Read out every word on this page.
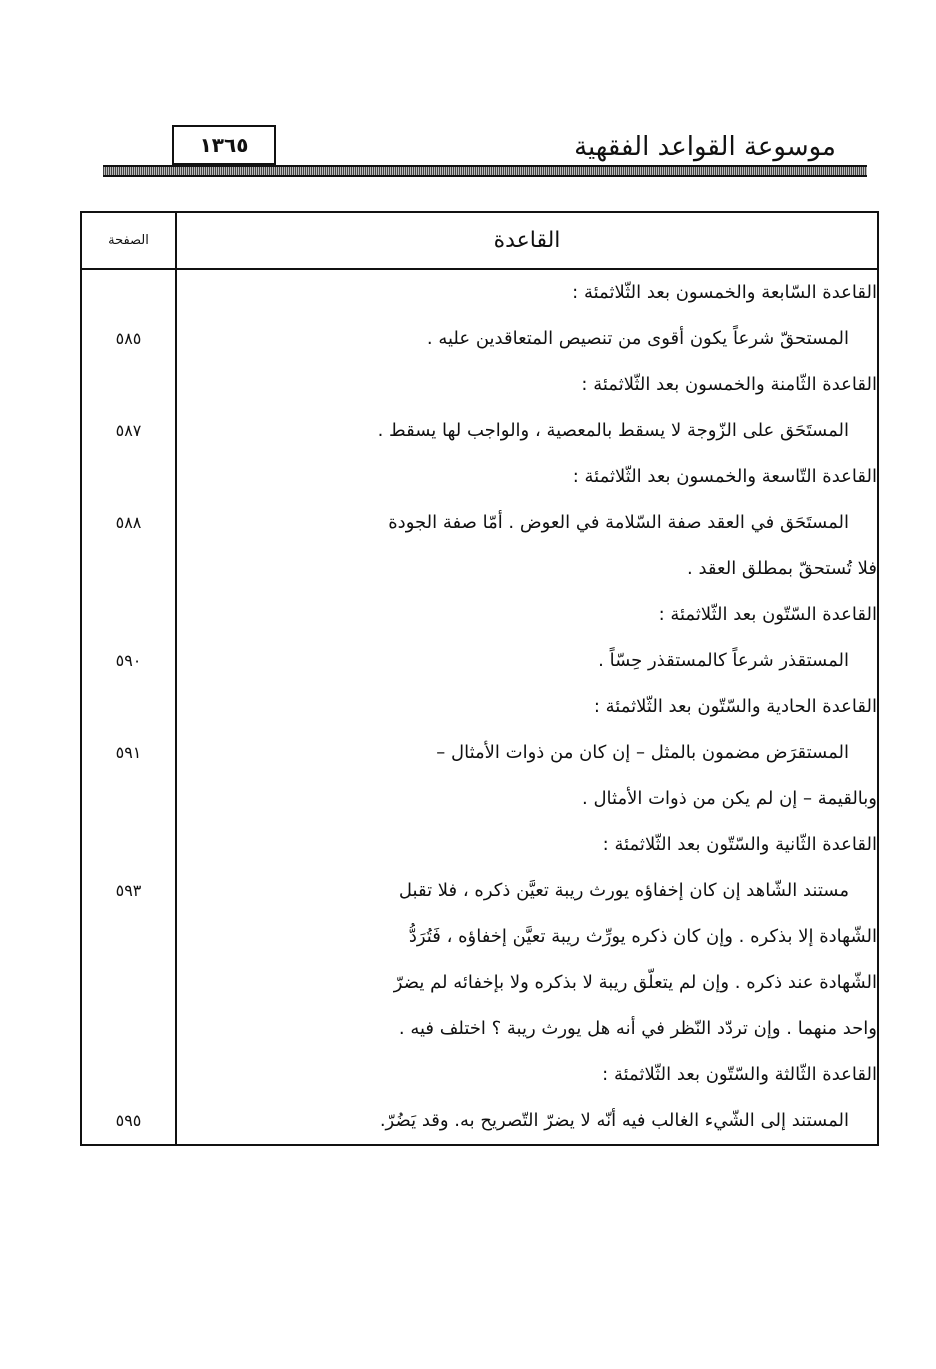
موسوعة القواعد الفقهية
١٣٦٥
القاعدة	الصفحة

القاعدة السّابعة والخمسون بعد الثّلاثمئة :	

المستحقّ شرعاً يكون أقوى من تنصيص المتعاقدين عليه .	٥٨٥

القاعدة الثّامنة والخمسون بعد الثّلاثمئة :	

المستَحَق على الزّوجة لا يسقط بالمعصية ، والواجب لها يسقط .	٥٨٧

القاعدة التّاسعة والخمسون بعد الثّلاثمئة :	

المستَحَق في العقد صفة السّلامة في العوض . أمّا صفة الجودة
فلا تُستحقّ بمطلق العقد .	٥٨٨

القاعدة السّتّون بعد الثّلاثمئة :	

المستقذر شرعاً كالمستقذر حِسّاً .	٥٩٠

القاعدة الحادية والسّتّون بعد الثّلاثمئة :	

المستقرَض مضمون بالمثل – إن كان من ذوات الأمثال –
وبالقيمة – إن لم يكن من ذوات الأمثال .	٥٩١

القاعدة الثّانية والسّتّون بعد الثّلاثمئة :	

مستند الشّاهد إن كان إخفاؤه يورث ريبة تعيَّن ذكره ، فلا تقبل
الشّهادة إلا بذكره . وإن كان ذكره يورِّث ريبة تعيَّن إخفاؤه ، فَتُرَدُّ
الشّهادة عند ذكره . وإن لم يتعلّق ريبة لا بذكره ولا بإخفائه لم يضرّ
واحد منهما . وإن تردّد النّظر في أنه هل يورث ريبة ؟ اختلف فيه .	٥٩٣

القاعدة الثّالثة والسّتّون بعد الثّلاثمئة :	

المستند إلى الشّيء الغالب فيه أنّه لا يضرّ التّصريح به. وقد يَضُرّ.	٥٩٥
